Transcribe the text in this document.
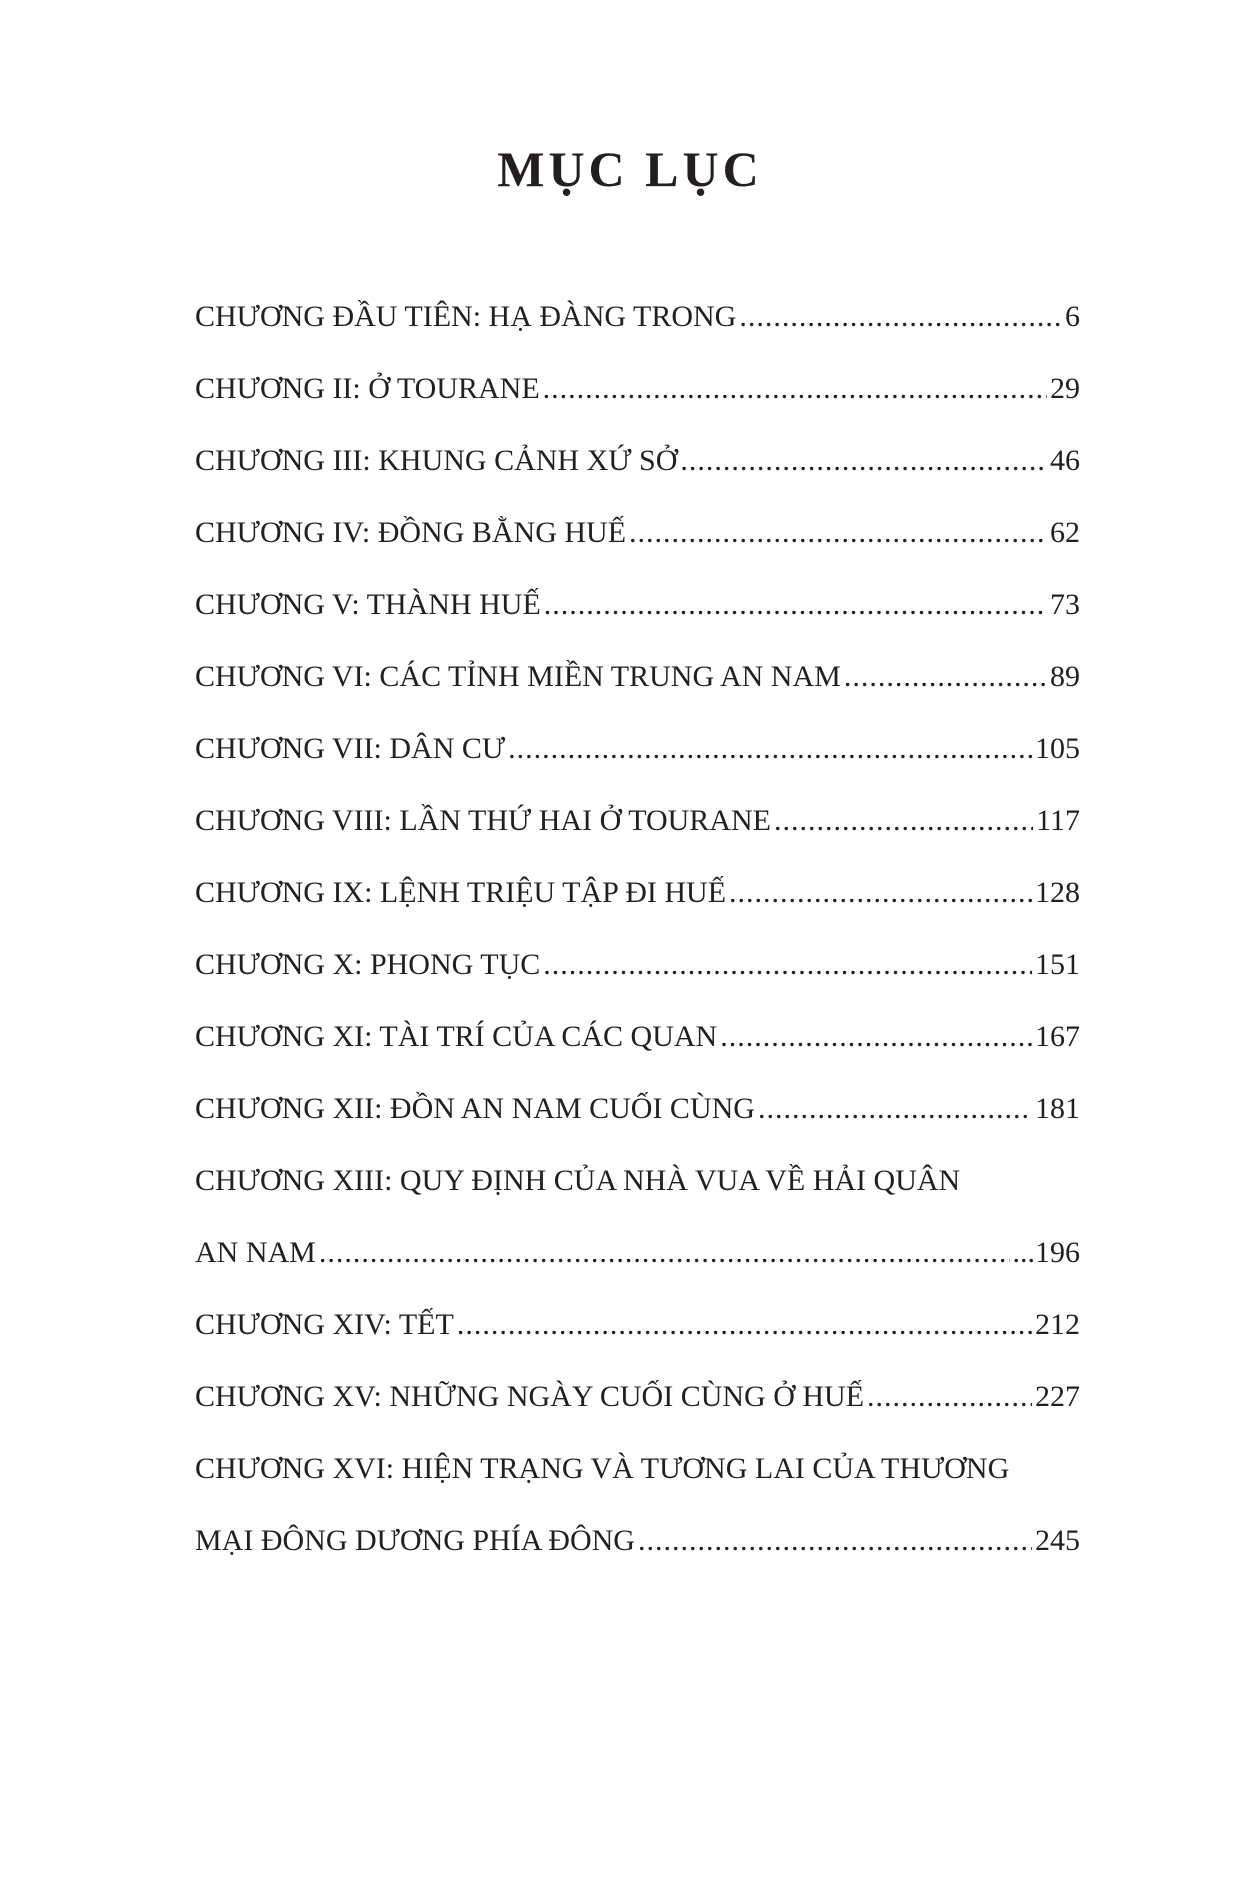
MỤC LỤC
CHƯƠNG ĐẦU TIÊN: HẠ ĐÀNG TRONG .....	6
CHƯƠNG II: Ở TOURANE .....	29
CHƯƠNG III: KHUNG CẢNH XỨ SỞ .....	46
CHƯƠNG IV: ĐỒNG BẰNG HUẾ .....	62
CHƯƠNG V: THÀNH HUẾ .....	73
CHƯƠNG VI: CÁC TỈNH MIỀN TRUNG AN NAM .....	89
CHƯƠNG VII: DÂN CƯ .....	105
CHƯƠNG VIII: LẦN THỨ HAI Ở TOURANE .....	117
CHƯƠNG IX: LỆNH TRIỆU TẬP ĐI HUẾ .....	128
CHƯƠNG X: PHONG TỤC .....	151
CHƯƠNG XI: TÀI TRÍ CỦA CÁC QUAN .....	167
CHƯƠNG XII: ĐỒN AN NAM CUỐI CÙNG .....	181
CHƯƠNG XIII: QUY ĐỊNH CỦA NHÀ VUA VỀ HẢI QUÂN
AN NAM .....	...196
CHƯƠNG XIV: TẾT .....	212
CHƯƠNG XV: NHỮNG NGÀY CUỐI CÙNG Ở HUẾ .....	227
CHƯƠNG XVI: HIỆN TRẠNG VÀ TƯƠNG LAI CỦA THƯƠNG
MẠI ĐÔNG DƯƠNG PHÍA ĐÔNG .....	245
